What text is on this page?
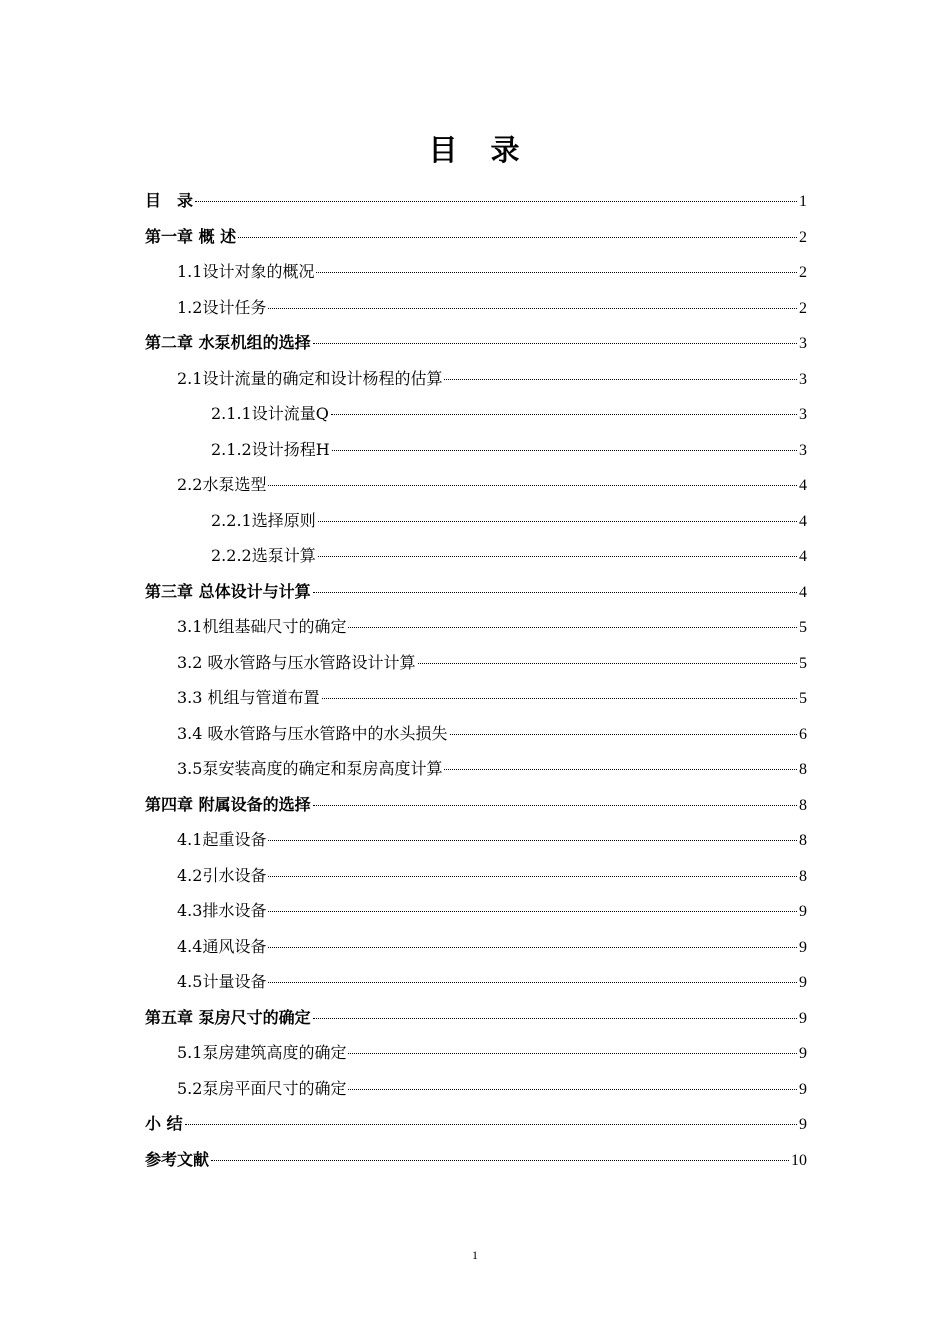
目　录
目　录	1
第一章 概 述	2
1.1设计对象的概况	2
1.2设计任务	2
第二章 水泵机组的选择	3
2.1设计流量的确定和设计杨程的估算	3
2.1.1设计流量Q	3
2.1.2设计扬程H	3
2.2水泵选型	4
2.2.1选择原则	4
2.2.2选泵计算	4
第三章 总体设计与计算	4
3.1机组基础尺寸的确定	5
3.2 吸水管路与压水管路设计计算	5
3.3 机组与管道布置	5
3.4 吸水管路与压水管路中的水头损失	6
3.5泵安装高度的确定和泵房高度计算	8
第四章 附属设备的选择	8
4.1起重设备	8
4.2引水设备	8
4.3排水设备	9
4.4通风设备	9
4.5计量设备	9
第五章 泵房尺寸的确定	9
5.1泵房建筑高度的确定	9
5.2泵房平面尺寸的确定	9
小 结	9
参考文献	10
1
